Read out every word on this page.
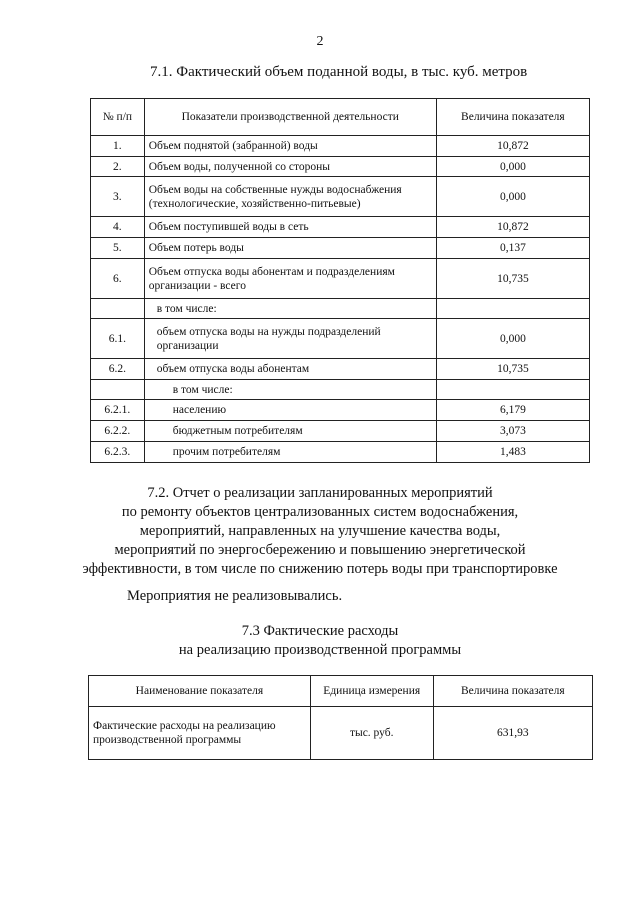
2
7.1. Фактический объем поданной воды, в тыс. куб. метров
№ п/п	Показатели производственной деятельности	Величина показателя
1.	Объем поднятой (забранной) воды	10,872
2.	Объем воды, полученной со стороны	0,000
3.	Объем воды на собственные нужды водоснабжения (технологические, хозяйственно-питьевые)	0,000
4.	Объем поступившей воды в сеть	10,872
5.	Объем потерь воды	0,137
6.	Объем отпуска воды абонентам и подразделениям организации - всего	10,735
	в том числе:	
6.1.	объем отпуска воды на нужды подразделений организации	0,000
6.2.	объем отпуска воды абонентам	10,735
	в том числе:	
6.2.1.	населению	6,179
6.2.2.	бюджетным потребителям	3,073
6.2.3.	прочим потребителям	1,483
7.2. Отчет о реализации запланированных мероприятий
по ремонту объектов централизованных систем водоснабжения,
мероприятий, направленных на улучшение качества воды,
мероприятий по энергосбережению и повышению энергетической
эффективности, в том числе по снижению потерь воды при транспортировке
Мероприятия не реализовывались.
7.3 Фактические расходы
на реализацию производственной программы
Наименование показателя	Единица измерения	Величина показателя
Фактические расходы на реализацию производственной программы	тыс. руб.	631,93
